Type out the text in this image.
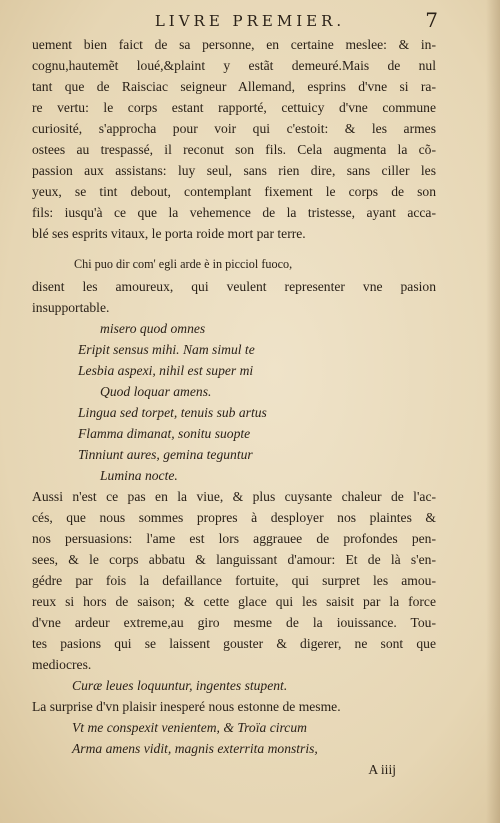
LIVRE PREMIER.	7
uement bien faict de sa personne, en certaine meslee: & in-
cognu,hautemẽt loué,&plaint y estãt demeuré.Mais de nul
tant que de Raisciac seigneur Allemand, esprins d'vne si ra-
re vertu: le corps estant rapporté, cettuicy d'vne commune
curiosité, s'approcha pour voir qui c'estoit: & les armes
ostees au trespassé, il reconut son fils. Cela augmenta la cõ-
passion aux assistans: luy seul, sans rien dire, sans ciller les
yeux, se tint debout, contemplant fixement le corps de son
fils: iusqu'à ce que la vehemence de la tristesse, ayant acca-
blé ses esprits vitaux, le porta roide mort par terre.
Chi puo dir com' egli arde è in picciol fuoco,
disent les amoureux, qui veulent representer vne pasion
insupportable.
misero quod omnes
Eripit sensus mihi. Nam simul te
Lesbia aspexi, nihil est super mi
Quod loquar amens.
Lingua sed torpet, tenuis sub artus
Flamma dimanat, sonitu suopte
Tinniunt aures, gemina teguntur
Lumina nocte.
Aussi n'est ce pas en la viue, & plus cuysante chaleur de l'ac-
cés, que nous sommes propres à desployer nos plaintes &
nos persuasions: l'ame est lors aggrauee de profondes pen-
sees, & le corps abbatu & languissant d'amour: Et de là s'en-
gédre par fois la defaillance fortuite, qui surpret les amou-
reux si hors de saison; & cette glace qui les saisit par la force
d'vne ardeur extreme,au giro mesme de la iouissance. Tou-
tes pasions qui se laissent gouster & digerer, ne sont que
mediocres.
Curæ leues loquuntur, ingentes stupent.
La surprise d'vn plaisir inesperé nous estonne de mesme.
Vt me conspexit venientem, & Troïa circum
Arma amens vidit, magnis exterrita monstris,
A iiij
